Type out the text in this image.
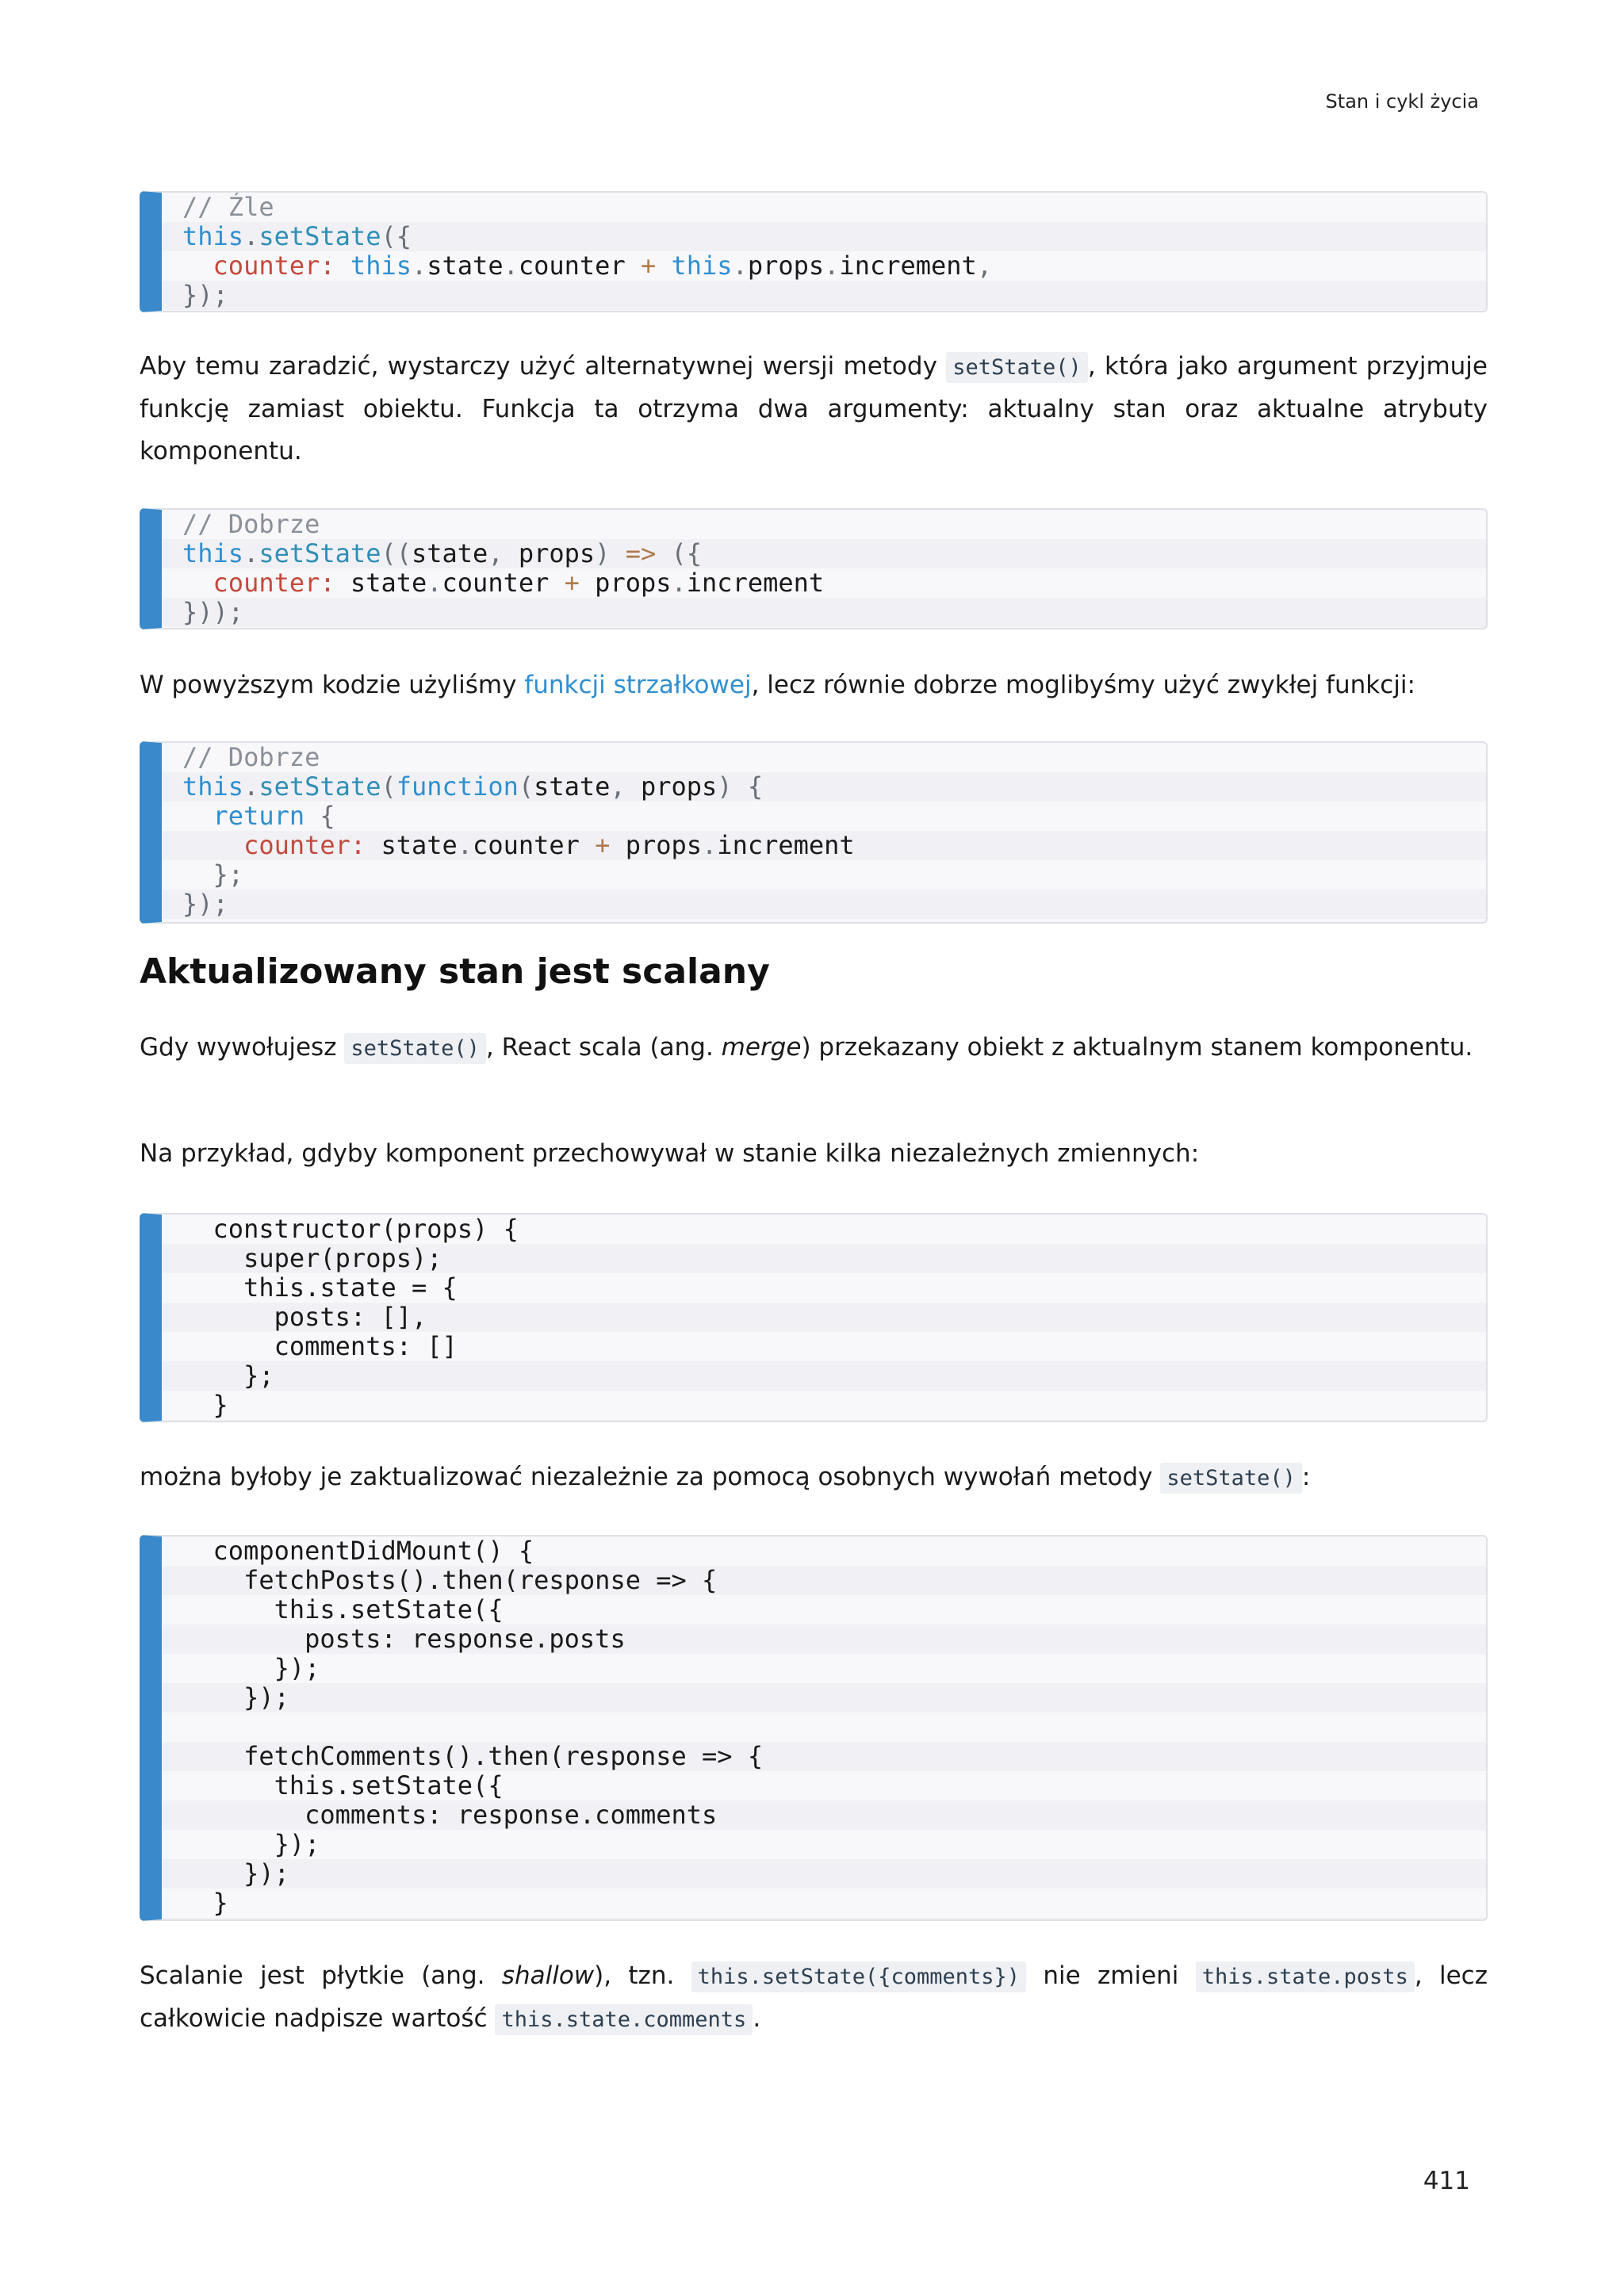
Stan i cykl życia
// Źle
this.setState({
counter: this.state.counter + this.props.increment,
});

Aby temu zaradzić, wystarczy użyć alternatywnej wersji metody setState() , która jako argument przyjmuje funkcję zamiast obiektu. Funkcja ta otrzyma dwa argumenty: aktualny stan oraz aktualne atrybuty komponentu.

// Dobrze
this.setState((state, props) => ({
counter: state.counter + props.increment
}));

W powyższym kodzie użyliśmy funkcji strzałkowej, lecz równie dobrze moglibyśmy użyć zwykłej funkcji:

// Dobrze
this.setState(function(state, props) {
return {
counter: state.counter + props.increment
};
});
Aktualizowany stan jest scalany

Gdy wywołujesz setState() , React scala (ang. merge) przekazany obiekt z aktualnym stanem komponentu.

Na przykład, gdyby komponent przechowywał w stanie kilka niezależnych zmiennych:

constructor(props) {
super(props);
this.state = {
posts: [],
comments: []
};
}

można byłoby je zaktualizować niezależnie za pomocą osobnych wywołań metody setState() :

componentDidMount() {
fetchPosts().then(response => {
this.setState({
posts: response.posts
});
});

fetchComments().then(response => {
this.setState({
comments: response.comments
});
});
}

Scalanie jest płytkie (ang. shallow), tzn. this.setState({comments}) nie zmieni this.state.posts , lecz całkowicie nadpisze wartość this.state.comments .

411
